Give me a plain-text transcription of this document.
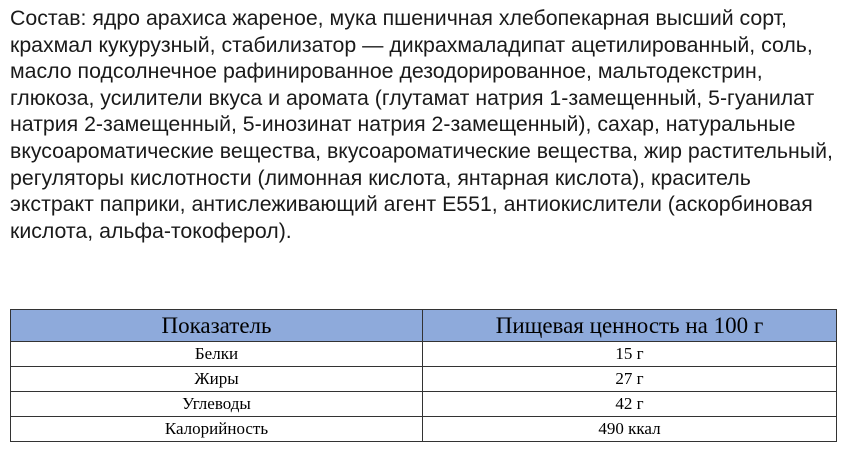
Состав: ядро арахиса жареное, мука пшеничная хлебопекарная высший сорт, крахмал кукурузный, стабилизатор — дикрахмаладипат ацетилированный, соль, масло подсолнечное рафинированное дезодорированное, мальтодекстрин, глюкоза, усилители вкуса и аромата (глутамат натрия 1-замещенный, 5-гуанилат натрия 2-замещенный, 5-инозинат натрия 2-замещенный), сахар, натуральные вкусоароматические вещества, вкусоароматические вещества, жир растительный, регуляторы кислотности (лимонная кислота, янтарная кислота), краситель экстракт паприки, антислеживающий агент Е551, антиокислители (аскорбиновая кислота, альфа-токоферол).

Показатель	Пищевая ценность на 100 г
Белки	15 г
Жиры	27 г
Углеводы	42 г
Калорийность	490 ккал
